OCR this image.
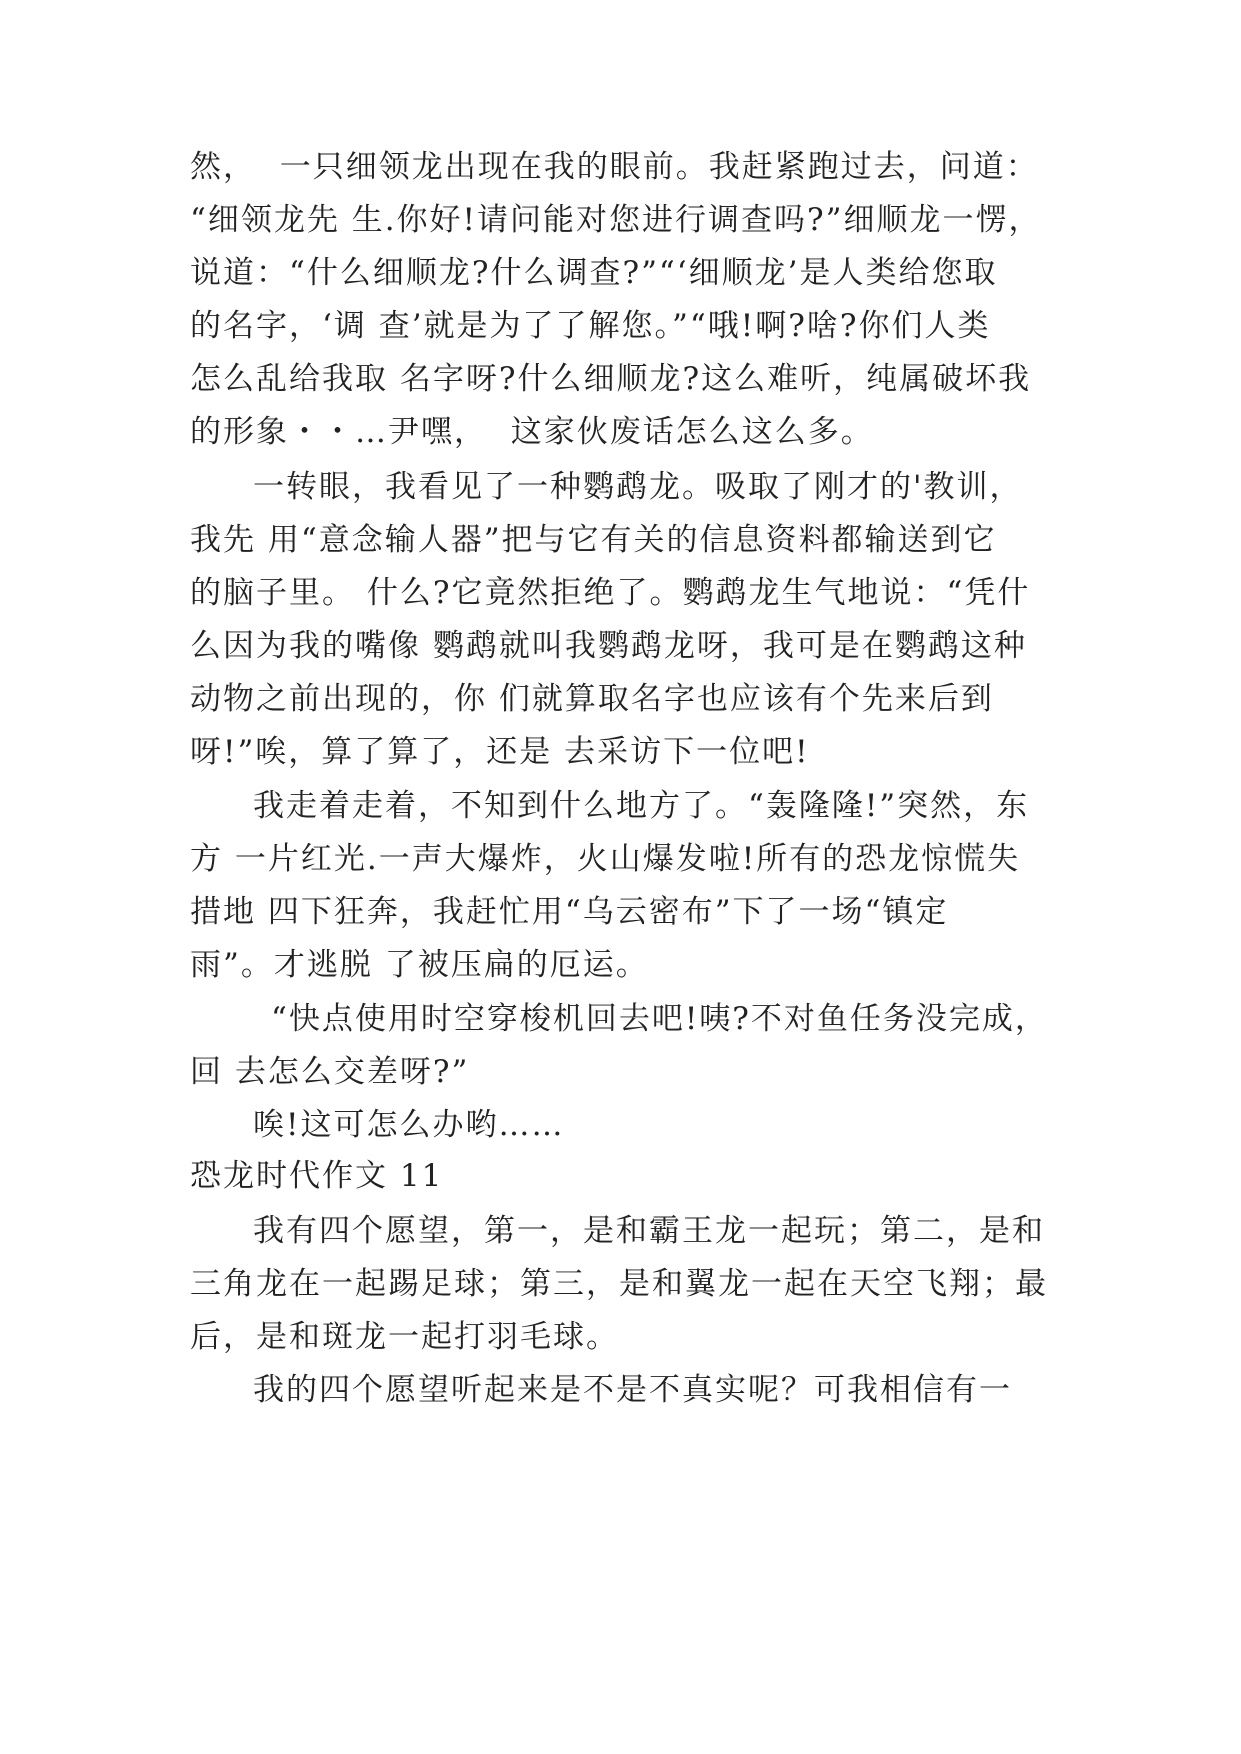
然，  一只细领龙出现在我的眼前。我赶紧跑过去，问道：
“细领龙先 生.你好!请问能对您进行调查吗?”细顺龙一愣，
说道：“什么细顺龙?什么调查?”“‘细顺龙’是人类给您取
的名字，‘调 查’就是为了了解您。”“哦!啊?啥?你们人类
怎么乱给我取 名字呀?什么细顺龙?这么难听，纯属破坏我
的形象・・…尹嘿，  这家伙废话怎么这么多。
一转眼，我看见了一种鹦鹉龙。吸取了刚才的'教训，
我先 用“意念输人器”把与它有关的信息资料都输送到它
的脑子里。 什么?它竟然拒绝了。鹦鹉龙生气地说：“凭什
么因为我的嘴像 鹦鹉就叫我鹦鹉龙呀，我可是在鹦鹉这种
动物之前出现的，你 们就算取名字也应该有个先来后到
呀!”唉，算了算了，还是 去采访下一位吧!
我走着走着，不知到什么地方了。“轰隆隆!”突然，东
方 一片红光.一声大爆炸，火山爆发啦!所有的恐龙惊慌失
措地 四下狂奔，我赶忙用“乌云密布”下了一场“镇定
雨”。才逃脱 了被压扁的厄运。
“快点使用时空穿梭机回去吧!咦?不对鱼任务没完成，
回 去怎么交差呀?”
唉!这可怎么办哟……
恐龙时代作文 11
我有四个愿望，第一，是和霸王龙一起玩；第二，是和
三角龙在一起踢足球；第三，是和翼龙一起在天空飞翔；最
后，是和斑龙一起打羽毛球。
我的四个愿望听起来是不是不真实呢？可我相信有一
